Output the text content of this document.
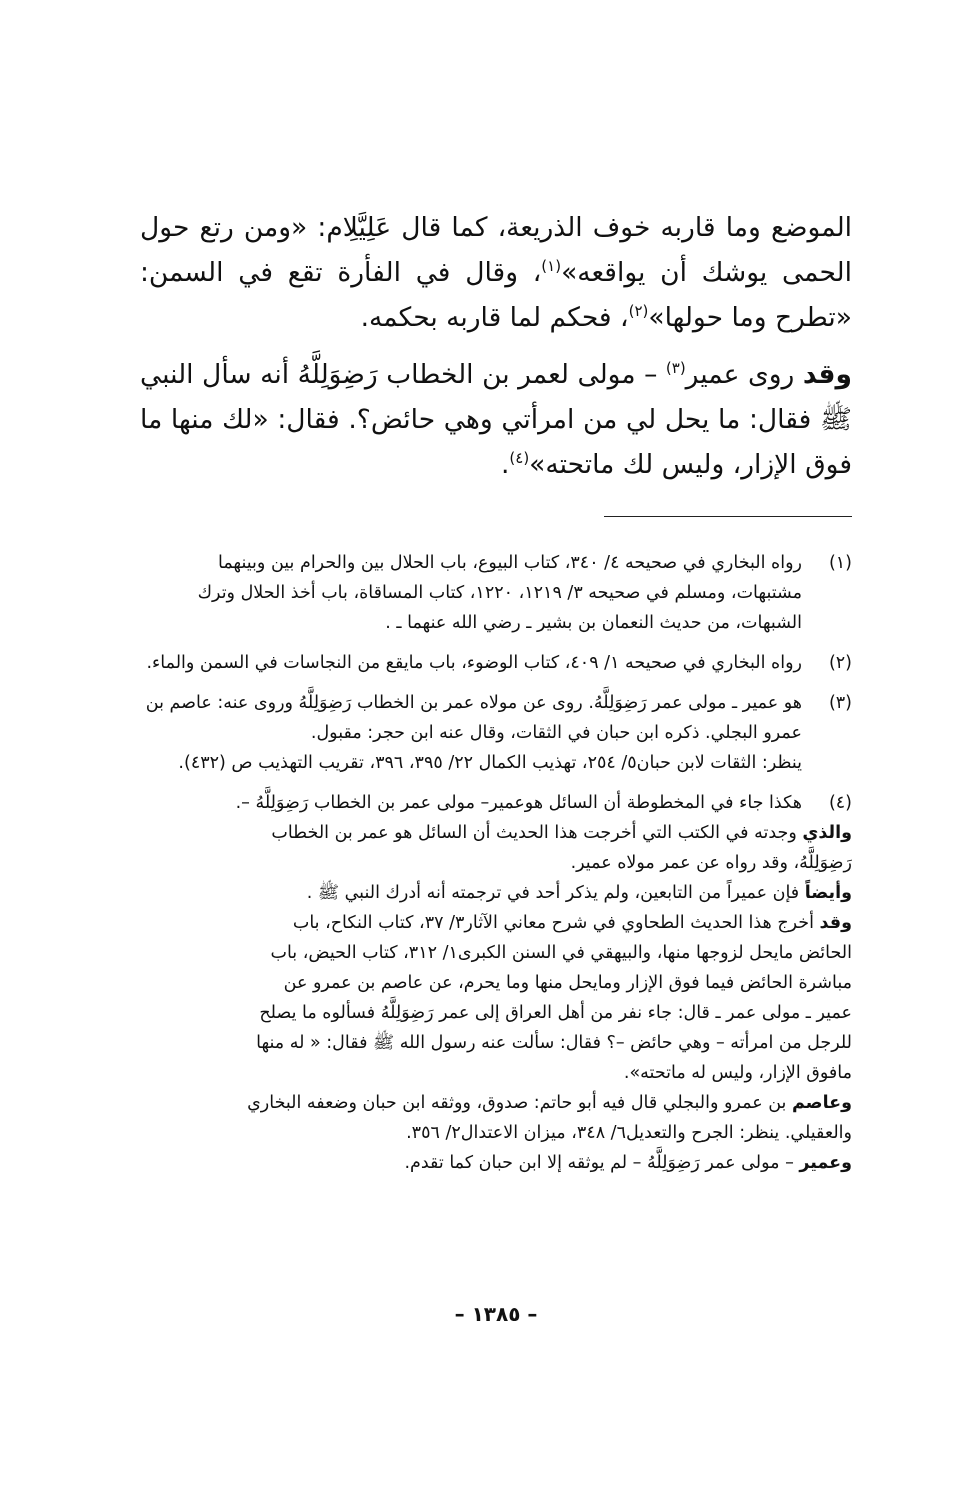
الموضع وما قاربه خوف الذريعة، كما قال عَلِيَّلِام: «ومن رتع حول الحمى يوشك أن يواقعه»$^{(١)}$، وقال في الفأرة تقع في السمن: «تطرح وما حولها»$^{(٢)}$، فحكم لما قاربه بحكمه.

وقد روى عمير$^{(٣)}$ – مولى لعمر بن الخطاب رَضِوَلِلَّهُ أنه سأل النبي ﷺ فقال: ما يحل لي من امرأتي وهي حائض؟. فقال: «لك منها ما فوق الإزار، وليس لك ماتحته»$^{(٤)}$.

(١)
رواه البخاري في صحيحه ٤/ ٣٤٠، كتاب البيوع، باب الحلال بين والحرام بين وبينهما
مشتبهات، ومسلم في صحيحه ٣/ ١٢١٩، ١٢٢٠، كتاب المساقاة، باب أخذ الحلال وترك
الشبهات، من حديث النعمان بن بشير ـ رضي الله عنهما ـ .
(٢)
رواه البخاري في صحيحه ١/ ٤٠٩، كتاب الوضوء، باب مايقع من النجاسات في السمن والماء.
(٣)
هو عمير ـ مولى عمر رَضِوَلِلَّهُ. روى عن مولاه عمر بن الخطاب رَضِوَلِلَّهُ وروى عنه: عاصم بن
عمرو البجلي. ذكره ابن حبان في الثقات، وقال عنه ابن حجر: مقبول.
ينظر: الثقات لابن حبان٥/ ٢٥٤، تهذيب الكمال ٢٢/ ٣٩٥، ٣٩٦، تقريب التهذيب ص (٤٣٢).
(٤)
هكذا جاء في المخطوطة أن السائل هوعمير– مولى عمر بن الخطاب رَضِوَلِلَّهُ –.
والذي وجدته في الكتب التي أخرجت هذا الحديث أن السائل هو عمر بن الخطاب
رَضِوَلِلَّهُ، وقد رواه عن عمر مولاه عمير.
وأيضاً فإن عميراً من التابعين، ولم يذكر أحد في ترجمته أنه أدرك النبي ﷺ .
وقد أخرج هذا الحديث الطحاوي في شرح معاني الآثار٣/ ٣٧، كتاب النكاح، باب
الحائض مايحل لزوجها منها، والبيهقي في السنن الكبرى١/ ٣١٢، كتاب الحيض، باب
مباشرة الحائض فيما فوق الإزار ومايحل منها وما يحرم، عن عاصم بن عمرو عن
عمير ـ مولى عمر ـ قال: جاء نفر من أهل العراق إلى عمر رَضِوَلِلَّهُ فسألوه ما يصلح
للرجل من امرأته – وهي حائض –؟ فقال: سألت عنه رسول الله ﷺ فقال: « له منها
مافوق الإزار، وليس له ماتحته».
وعاصم بن عمرو والبجلي قال فيه أبو حاتم: صدوق، ووثقه ابن حبان وضعفه البخاري
والعقيلي. ينظر: الجرح والتعديل٦/ ٣٤٨، ميزان الاعتدال٢/ ٣٥٦.
وعمير – مولى عمر رَضِوَلِلَّهُ – لم يوثقه إلا ابن حبان كما تقدم.
– ١٣٨٥ –
